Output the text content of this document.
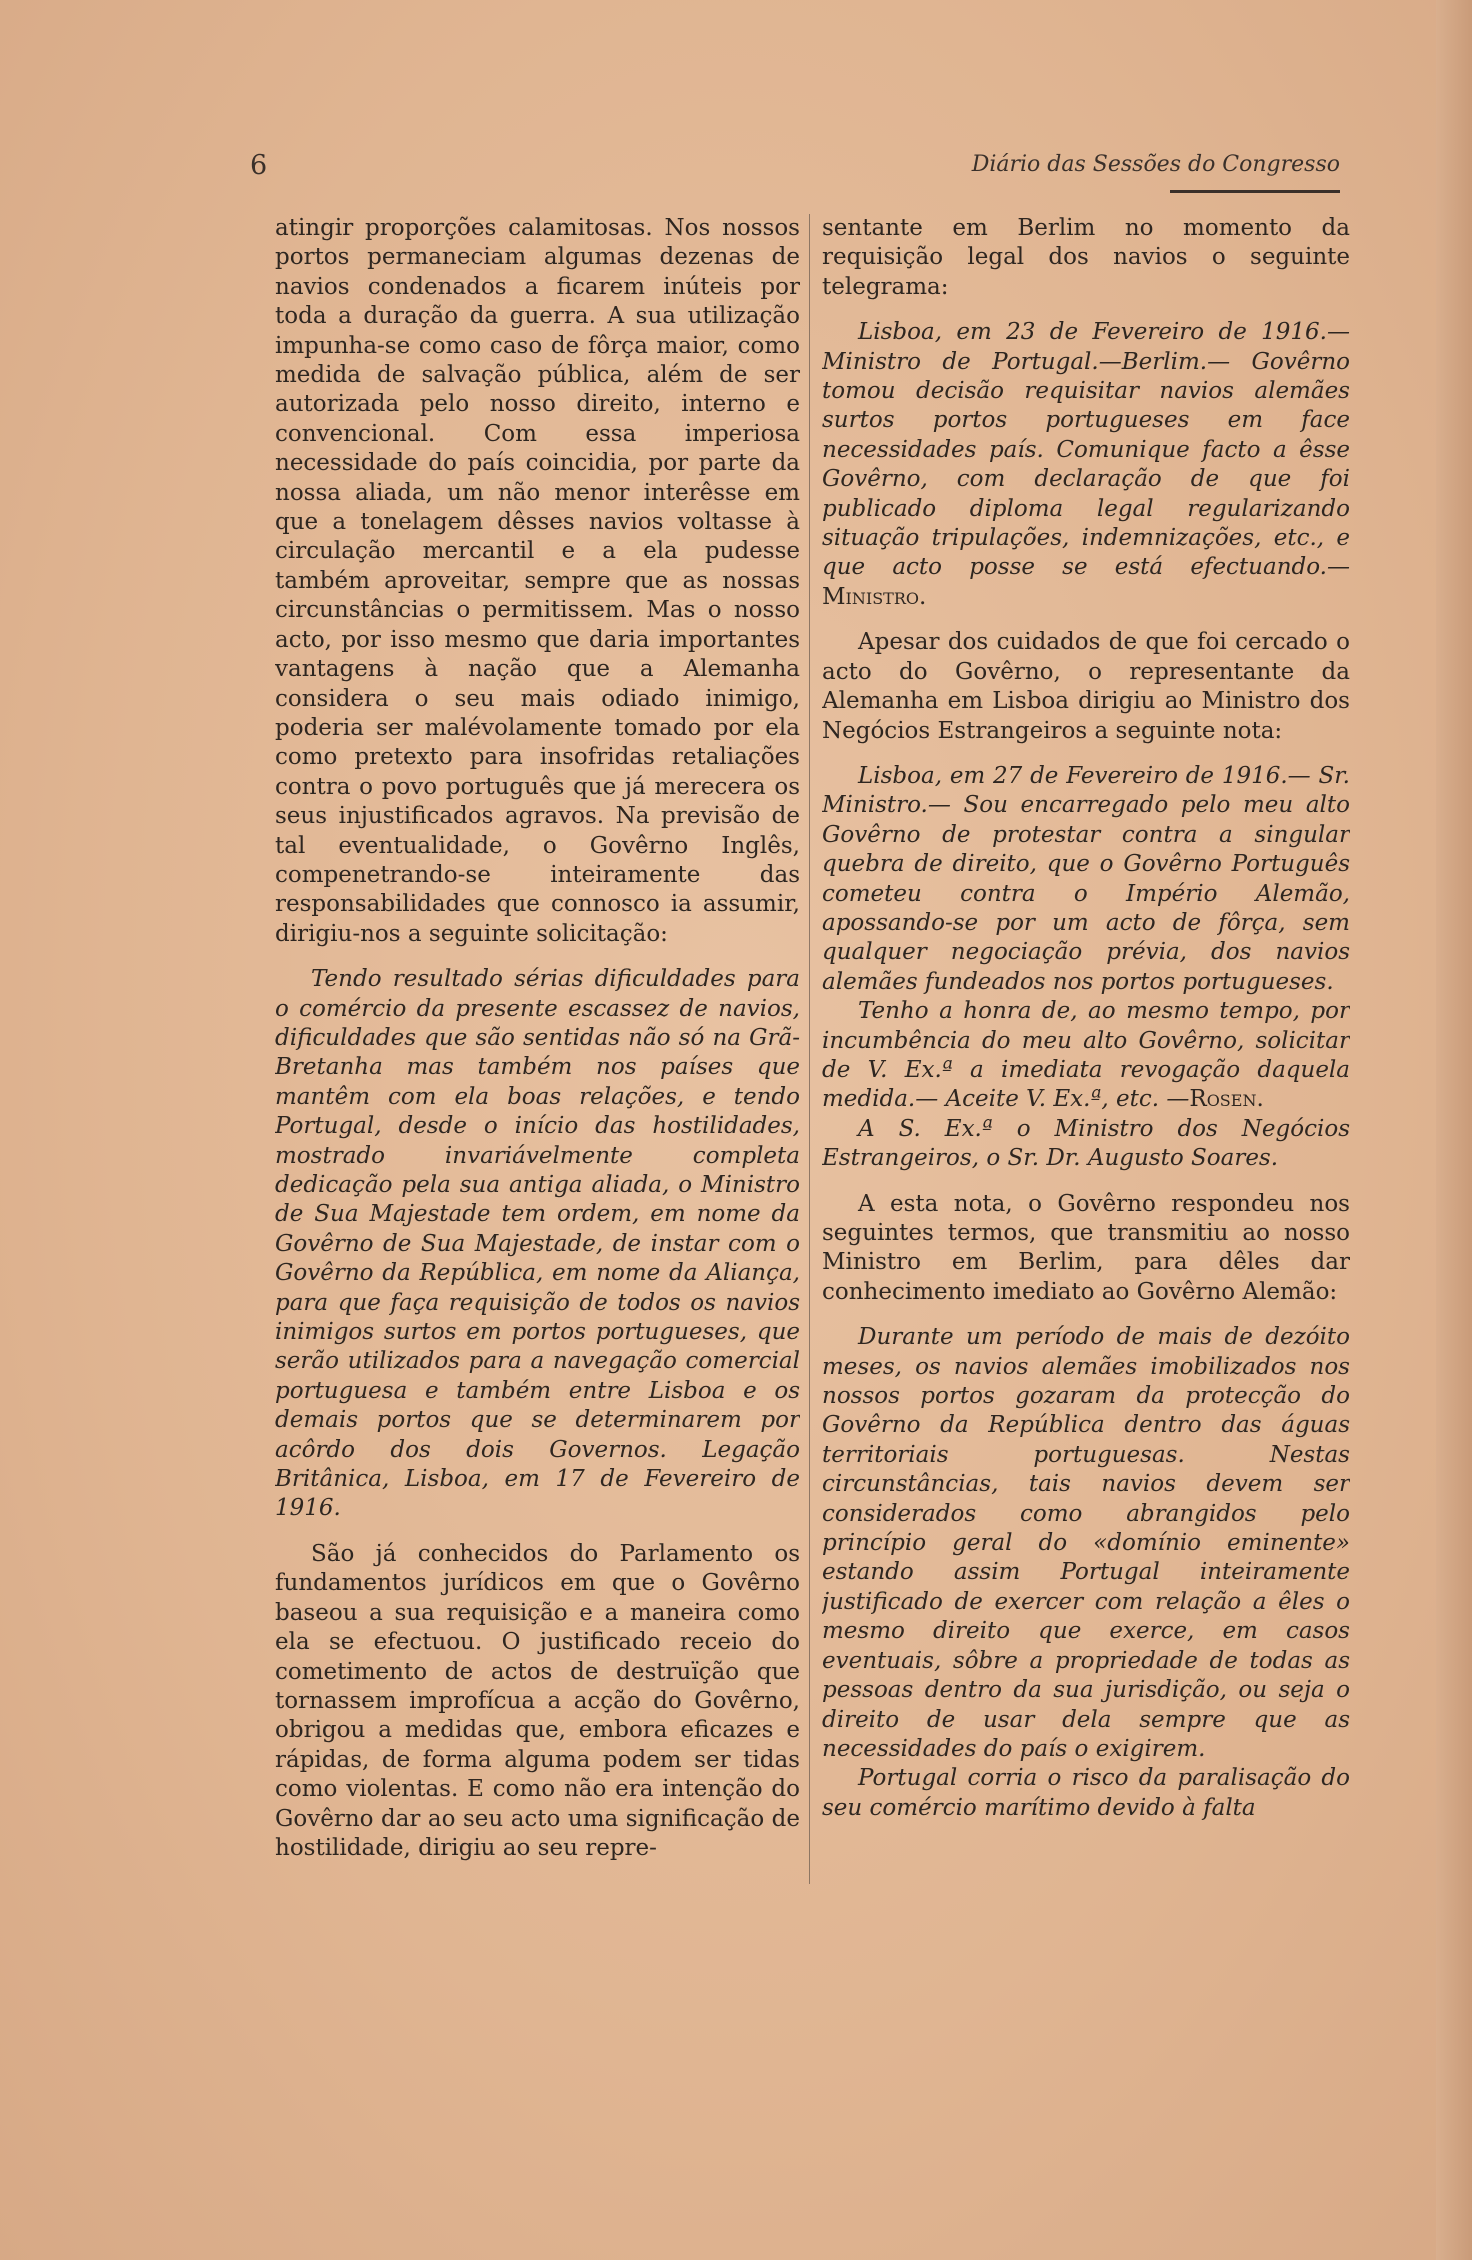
6	Diário das Sessões do Congresso

atingir proporções calamitosas. Nos nossos portos permaneciam algumas dezenas de navios condenados a ficarem inúteis por toda a duração da guerra. A sua utilização impunha-se como caso de fôrça maior, como medida de salvação pública, além de ser autorizada pelo nosso direito, interno e convencional. Com essa imperiosa necessidade do país coincidia, por parte da nossa aliada, um não menor interêsse em que a tonelagem dêsses navios voltasse à circulação mercantil e a ela pudesse também aproveitar, sempre que as nossas circunstâncias o permitissem. Mas o nosso acto, por isso mesmo que daria importantes vantagens à nação que a Alemanha considera o seu mais odiado inimigo, poderia ser malévolamente tomado por ela como pretexto para insofridas retaliações contra o povo português que já merecera os seus injustificados agravos. Na previsão de tal eventualidade, o Govêrno Inglês, compenetrando-se inteiramente das responsabilidades que connosco ia assumir, dirigiu-nos a seguinte solicitação:

Tendo resultado sérias dificuldades para o comércio da presente escassez de navios, dificuldades que são sentidas não só na Grã-Bretanha mas também nos países que mantêm com ela boas relações, e tendo Portugal, desde o início das hostilidades, mostrado invariávelmente completa dedicação pela sua antiga aliada, o Ministro de Sua Majestade tem ordem, em nome da Govêrno de Sua Majestade, de instar com o Govêrno da República, em nome da Aliança, para que faça requisição de todos os navios inimigos surtos em portos portugueses, que serão utilizados para a navegação comercial portuguesa e também entre Lisboa e os demais portos que se determinarem por acôrdo dos dois Governos. Legação Britânica, Lisboa, em 17 de Fevereiro de 1916.

São já conhecidos do Parlamento os fundamentos jurídicos em que o Govêrno baseou a sua requisição e a maneira como ela se efectuou. O justificado receio do cometimento de actos de destruïção que tornassem improfícua a acção do Govêrno, obrigou a medidas que, embora eficazes e rápidas, de forma alguma podem ser tidas como violentas. E como não era intenção do Govêrno dar ao seu acto uma significação de hostilidade, dirigiu ao seu repre-

sentante em Berlim no momento da requisição legal dos navios o seguinte telegrama:

Lisboa, em 23 de Fevereiro de 1916.— Ministro de Portugal.—Berlim.— Govêrno tomou decisão requisitar navios alemães surtos portos portugueses em face necessidades país. Comunique facto a êsse Govêrno, com declaração de que foi publicado diploma legal regularizando situação tripulações, indemnizações, etc., e que acto posse se está efectuando.—Ministro.

Apesar dos cuidados de que foi cercado o acto do Govêrno, o representante da Alemanha em Lisboa dirigiu ao Ministro dos Negócios Estrangeiros a seguinte nota:

Lisboa, em 27 de Fevereiro de 1916.— Sr. Ministro.— Sou encarregado pelo meu alto Govêrno de protestar contra a singular quebra de direito, que o Govêrno Português cometeu contra o Império Alemão, apossando-se por um acto de fôrça, sem qualquer negociação prévia, dos navios alemães fundeados nos portos portugueses.

Tenho a honra de, ao mesmo tempo, por incumbência do meu alto Govêrno, solicitar de V. Ex.ª a imediata revogação daquela medida.— Aceite V. Ex.ª, etc. —Rosen.

A S. Ex.ª o Ministro dos Negócios Estrangeiros, o Sr. Dr. Augusto Soares.

A esta nota, o Govêrno respondeu nos seguintes termos, que transmitiu ao nosso Ministro em Berlim, para dêles dar conhecimento imediato ao Govêrno Alemão:

Durante um período de mais de dezóito meses, os navios alemães imobilizados nos nossos portos gozaram da protecção do Govêrno da República dentro das águas territoriais portuguesas. Nestas circunstâncias, tais navios devem ser considerados como abrangidos pelo princípio geral do «domínio eminente» estando assim Portugal inteiramente justificado de exercer com relação a êles o mesmo direito que exerce, em casos eventuais, sôbre a propriedade de todas as pessoas dentro da sua jurisdição, ou seja o direito de usar dela sempre que as necessidades do país o exigirem.

Portugal corria o risco da paralisação do seu comércio marítimo devido à falta
